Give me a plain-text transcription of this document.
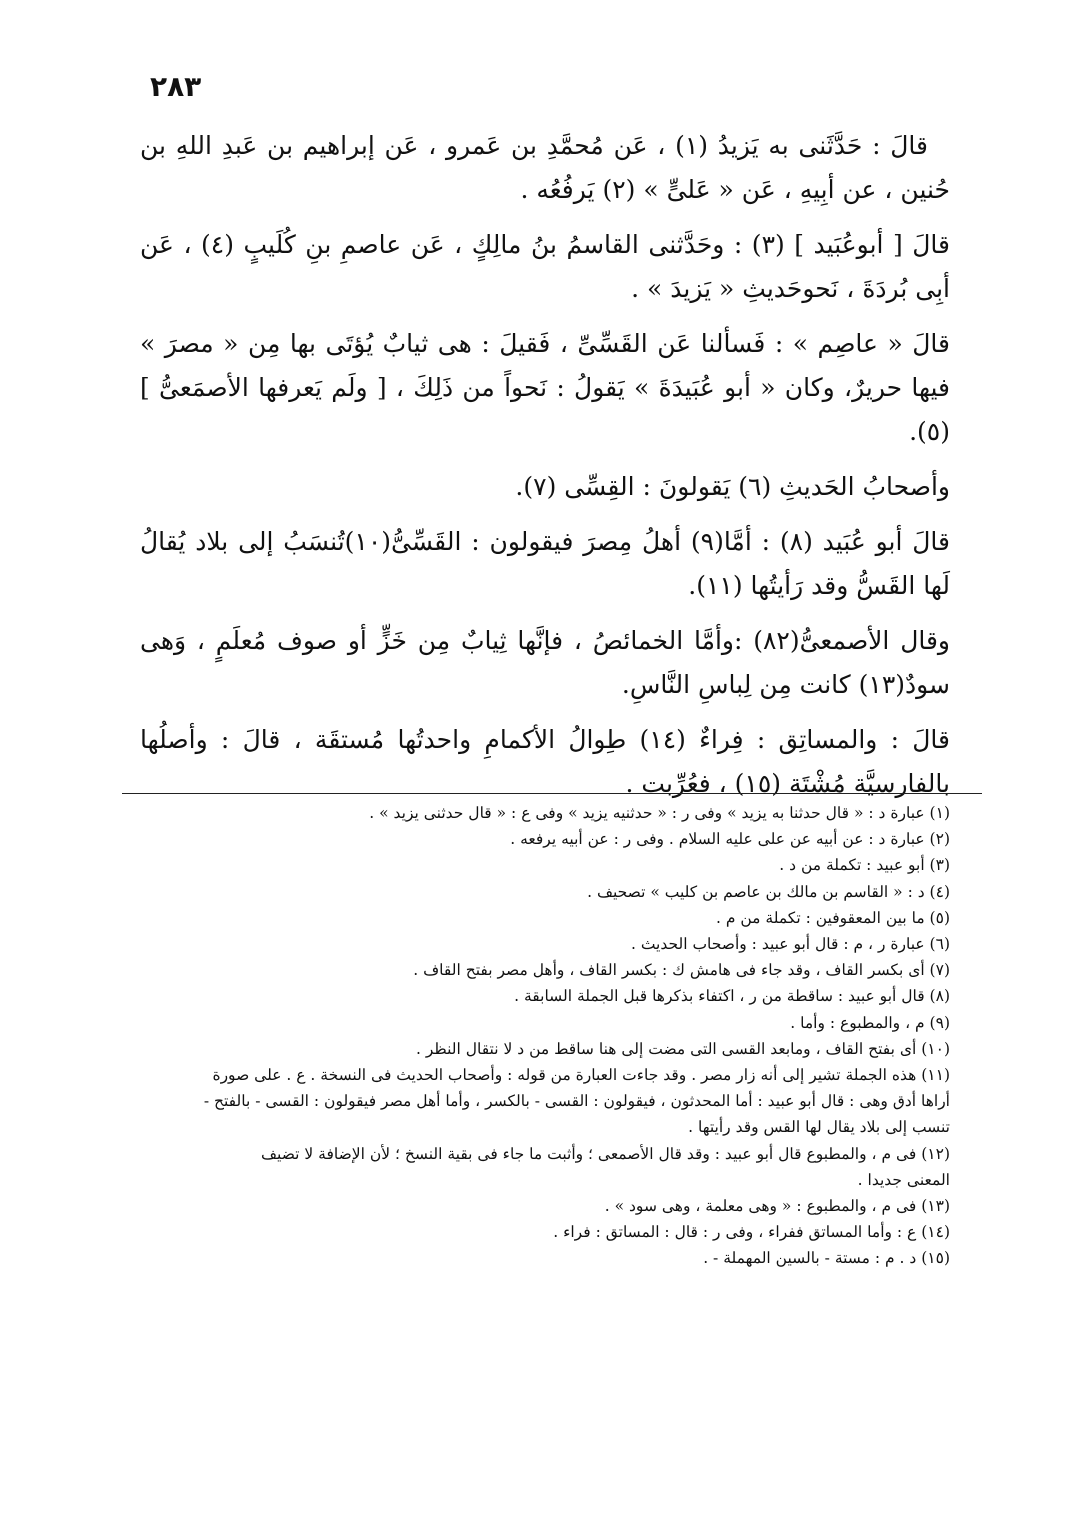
٢٨٣

قالَ : حَدَّثَنى به يَزيدُ (١) ، عَن مُحمَّدِ بن عَمرو ، عَن إبراهيم بن عَبدِ اللهِ بن حُنين ، عن أبِيهِ ، عَن « عَلىٍّ » (٢) يَرفُعُه .

قالَ [ أبوعُبَيد ] (٣) : وحَدَّثنى القاسمُ بنُ مالِكٍ ، عَن عاصمِ بنِ كُلَيبٍ (٤) ، عَن أبِى بُردَةَ ، نَحوحَديثِ « يَزيدَ » .

قالَ « عاصِم » : فَسألنا عَن القَسِّىِّ ، فَقيلَ : هى ثيابٌ يُؤتَى بها مِن « مصرَ » فيها حريرٌ، وكان « أبو عُبَيدَةَ » يَقولُ : نَحواً من ذَلِكَ ، [ ولَم يَعرفها الأصمَعىُّ ] (٥).

وأصحابُ الحَديثِ (٦) يَقولونَ : القِسِّى (٧).

قالَ أبو عُبَيد (٨) : أمَّا(٩) أهلُ مِصرَ فيقولون : القَسِّىُّ(١٠)تُنسَبُ إلى بلاد يُقالُ لَها القَسُّ وقد رَأيتُها (١١).

وقال الأصمعىُّ(٨٢) :وأمَّا الخمائصُ ، فإنَّها ثِيابٌ مِن خَزٍّ أو صوف مُعلَمٍ ، وَهى سودٌ(١٣) كانت مِن لِباسِ النَّاسِ.

قالَ : والمساتِق : فِراءٌ (١٤) طِوالُ الأكمامِ واحدتُها مُستقَة ، قالَ : وأصلُها بالفارسيَّة مُشْتَة (١٥) ، فعُرِّبت .

(١) عبارة د : « قال حدثنا به يزيد » وفى ر : « حدثنيه يزيد » وفى ع : « قال حدثنى يزيد » .

(٢) عبارة د : عن أبيه عن على عليه السلام . وفى ر : عن أبيه يرفعه .

(٣) أبو عبيد : تكملة من د .

(٤) د : « القاسم بن مالك بن عاصم بن كليب » تصحيف .

(٥) ما بين المعقوفين : تكملة من م .

(٦) عبارة ر ، م : قال أبو عبيد : وأصحاب الحديث .

(٧) أى بكسر القاف ، وقد جاء فى هامش ك : بكسر القاف ، وأهل مصر بفتح القاف .

(٨) قال أبو عبيد : ساقطة من ر ، اكتفاء بذكرها قبل الجملة السابقة .

(٩) م ، والمطبوع : وأما .

(١٠) أى بفتح القاف ، ومابعد القسى التى مضت إلى هنا ساقط من د لا نتقال النظر .

(١١) هذه الجملة تشير إلى أنه زار مصر . وقد جاءت العبارة من قوله : وأصحاب الحديث فى النسخة . ع . على صورة

أراها أدق وهى : قال أبو عبيد : أما المحدثون ، فيقولون : القسى - بالكسر ، وأما أهل مصر فيقولون : القسى - بالفتح -

تنسب إلى بلاد يقال لها القس وقد رأيتها .

(١٢) فى م ، والمطبوع قال أبو عبيد : وقد قال الأصمعى ؛ وأثبت ما جاء فى بقية النسخ ؛ لأن الإضافة لا تضيف

المعنى جديدا .

(١٣) فى م ، والمطبوع : « وهى معلمة ، وهى سود » .

(١٤) ع : وأما المساتق ففراء ، وفى ر : قال : المساتق : فراء .

(١٥) د . م : مستة - بالسين المهملة - .
